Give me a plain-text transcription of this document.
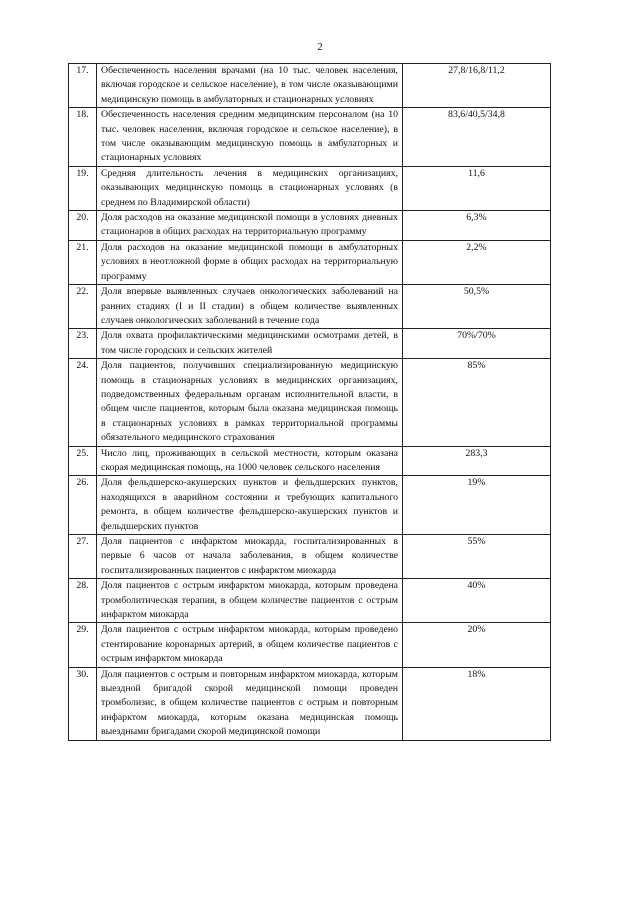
2
17.	Обеспеченность населения врачами (на 10 тыс. человек населения, включая городское и сельское население), в том числе оказывающими медицинскую помощь в амбулаторных и стационарных условиях	27,8/16,8/11,2
18.	Обеспеченность населения средним медицинским персоналом (на 10 тыс. человек населения, включая городское и сельское население), в том числе оказывающим медицинскую помощь в амбулаторных и стационарных условиях	83,6/40,5/34,8
19.	Средняя длительность лечения в медицинских организациях, оказывающих медицинскую помощь в стационарных условиях (в среднем по Владимирской области)	11,6
20.	Доля расходов на оказание медицинской помощи в условиях дневных стационаров в общих расходах на территориальную программу	6,3%
21.	Доля расходов на оказание медицинской помощи в амбулаторных условиях в неотложной форме в общих расходах на территориальную программу	2,2%
22.	Доля впервые выявленных случаев онкологических заболеваний на ранних стадиях (I и II стадии) в общем количестве выявленных случаев онкологических заболеваний в течение года	50,5%
23.	Доля охвата профилактическими медицинскими осмотрами детей, в том числе городских и сельских жителей	70%/70%
24.	Доля пациентов, получивших специализированную медицинскую помощь в стационарных условиях в медицинских организациях, подведомственных федеральным органам исполнительной власти, в общем числе пациентов, которым была оказана медицинская помощь в стационарных условиях в рамках территориальной программы обязательного медицинского страхования	85%
25.	Число лиц, проживающих в сельской местности, которым оказана скорая медицинская помощь, на 1000 человек сельского населения	283,3
26.	Доля фельдшерско-акушерских пунктов и фельдшерских пунктов, находящихся в аварийном состоянии и требующих капитального ремонта, в общем количестве фельдшерско-акушерских пунктов и фельдшерских пунктов	19%
27.	Доля пациентов с инфарктом миокарда, госпитализированных в первые 6 часов от начала заболевания, в общем количестве госпитализированных пациентов с инфарктом миокарда	55%
28.	Доля пациентов с острым инфарктом миокарда, которым проведена тромболитическая терапия, в общем количестве пациентов с острым инфарктом миокарда	40%
29.	Доля пациентов с острым инфарктом миокарда, которым проведено стентирование коронарных артерий, в общем количестве пациентов с острым инфарктом миокарда	20%
30.	Доля пациентов с острым и повторным инфарктом миокарда, которым выездной бригадой скорой медицинской помощи проведен тромболизис, в общем количестве пациентов с острым и повторным инфарктом миокарда, которым оказана медицинская помощь выездными бригадами скорой медицинской помощи	18%
